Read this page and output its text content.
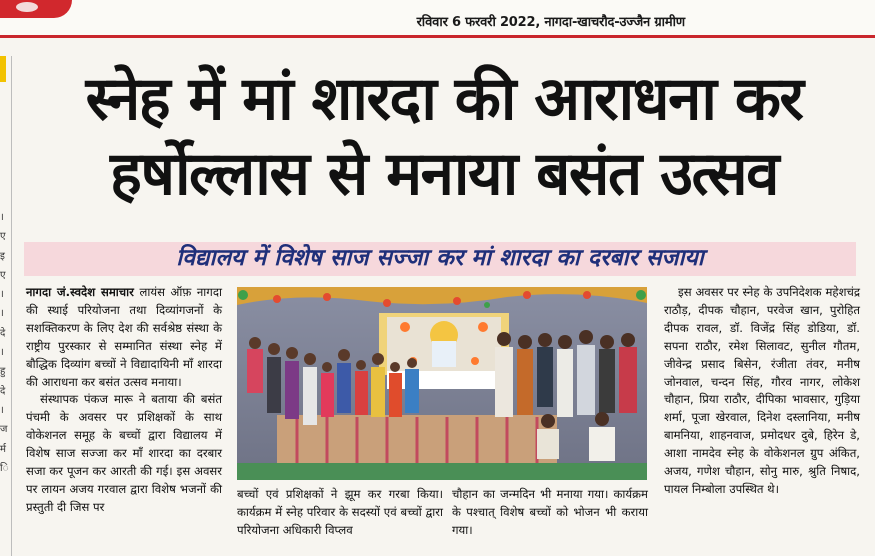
रविवार 6 फरवरी 2022, नागदा-खाचरौद-उज्जैन ग्रामीण
।
ए
इ
ए
।
।
दे
।
हु
दे
।
ज
र्म
ि
स्नेह में मां शारदा की आराधना कर
हर्षोल्लास से मनाया बसंत उत्सव
विद्यालय में विशेष साज सज्जा कर मां शारदा का दरबार सजाया

नागदा जं.स्वदेश समाचार लायंस ऑफ़ नागदा की स्थाई परियोजना तथा दिव्यांगजनों के सशक्तिकरण के लिए देश की सर्वश्रेष्ठ संस्था के राष्ट्रीय पुरस्कार से सम्मानित संस्था स्नेह में बौद्धिक दिव्यांग बच्चों ने विद्यादायिनी माँ शारदा की आराधना कर बसंत उत्सव मनाया।

संस्थापक पंकज मारू ने बताया की बसंत पंचमी के अवसर पर प्रशिक्षकों के साथ वोकेशनल समूह के बच्चों द्वारा विद्यालय में विशेष साज सज्जा कर माँ शारदा का दरबार सजा कर पूजन कर आरती की गई। इस अवसर पर लायन अजय गरवाल द्वारा विशेष भजनों की प्रस्तुती दी जिस पर

बच्चों एवं प्रशिक्षकों ने झूम कर गरबा किया। कार्यक्रम में स्नेह परिवार के सदस्यों एवं बच्चों द्वारा परियोजना अधिकारी विप्लव

चौहान का जन्मदिन भी मनाया गया। कार्यक्रम के पश्चात् विशेष बच्चों को भोजन भी कराया गया।

इस अवसर पर स्नेह के उपनिदेशक महेशचंद्र राठौड़, दीपक चौहान, परवेज खान, पुरोहित दीपक रावल, डॉ. विजेंद्र सिंह डोडिया, डॉ. सपना राठौर, रमेश सिलावट, सुनील गौतम, जीवेन्द्र प्रसाद बिसेन, रंजीता तंवर, मनीष जोनवाल, चन्दन सिंह, गौरव नागर, लोकेश चौहान, प्रिया राठौर, दीपिका भावसार, गुड़िया शर्मा, पूजा खेरवाल, दिनेश दस्लानिया, मनीष बामनिया, शाहनवाज, प्रमोदधर दुबे, हिरेन डे, आशा नामदेव स्नेह के वोकेशनल ग्रुप अंकित, अजय, गणेश चौहान, सोनु मारु, श्रुति निषाद, पायल निम्बोला उपस्थित थे।
